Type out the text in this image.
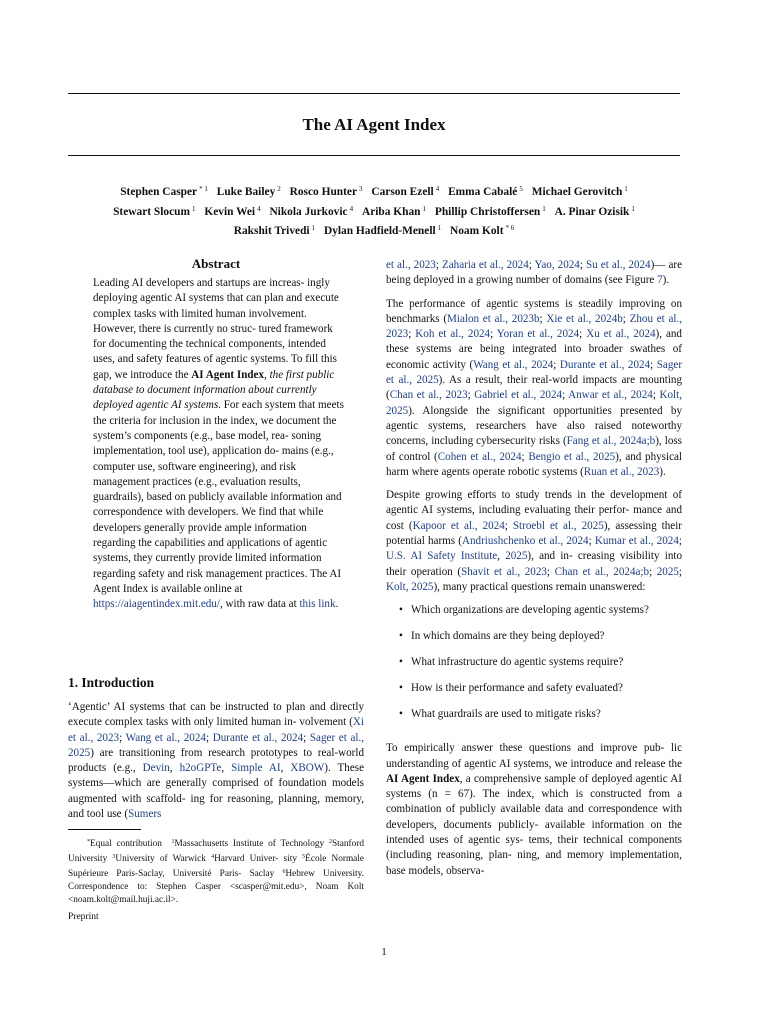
The AI Agent Index
Stephen Casper $^{* 1}$ Luke Bailey $^2$ Rosco Hunter $^3$ Carson Ezell $^4$ Emma Cabalé $^5$ Michael Gerovitch $^1$
Stewart Slocum $^1$ Kevin Wei $^4$ Nikola Jurkovic $^4$ Ariba Khan $^1$ Phillip Christoffersen $^1$ A. Pinar Ozisik $^1$
Rakshit Trivedi $^1$ Dylan Hadfield-Menell $^1$ Noam Kolt $^{* 6}$
Abstract

Leading AI developers and startups are increas- ingly deploying agentic AI systems that can plan and execute complex tasks with limited human involvement. However, there is currently no struc- tured framework for documenting the technical components, intended uses, and safety features of agentic systems. To fill this gap, we introduce the AI Agent Index, the first public database to document information about currently deployed agentic AI systems. For each system that meets the criteria for inclusion in the index, we document the system’s components (e.g., base model, rea- soning implementation, tool use), application do- mains (e.g., computer use, software engineering), and risk management practices (e.g., evaluation results, guardrails), based on publicly available information and correspondence with developers. We find that while developers generally provide ample information regarding the capabilities and applications of agentic systems, they currently provide limited information regarding safety and risk management practices. The AI Agent Index is available online at https://aiagentindex.mit.edu/, with raw data at this link.

1. Introduction

‘Agentic’ AI systems that can be instructed to plan and directly execute complex tasks with only limited human in- volvement (Xi et al., 2023; Wang et al., 2024; Durante et al., 2024; Sager et al., 2025) are transitioning from research prototypes to real-world products (e.g., Devin, h2oGPTe, Simple AI, XBOW). These systems—which are generally comprised of foundation models augmented with scaffold- ing for reasoning, planning, memory, and tool use (Sumers

*Equal contribution $^1$Massachusetts Institute of Technology $^2$Stanford University $^3$University of Warwick $^4$Harvard Univer- sity $^5$École Normale Supérieure Paris-Saclay, Université Paris- Saclay $^6$Hebrew University. Correspondence to: Stephen Casper <scasper@mit.edu>, Noam Kolt <noam.kolt@mail.huji.ac.il>.

Preprint

et al., 2023; Zaharia et al., 2024; Yao, 2024; Su et al., 2024)— are being deployed in a growing number of domains (see Figure 7).

The performance of agentic systems is steadily improving on benchmarks (Mialon et al., 2023b; Xie et al., 2024b; Zhou et al., 2023; Koh et al., 2024; Yoran et al., 2024; Xu et al., 2024), and these systems are being integrated into broader swathes of economic activity (Wang et al., 2024; Durante et al., 2024; Sager et al., 2025). As a result, their real-world impacts are mounting (Chan et al., 2023; Gabriel et al., 2024; Anwar et al., 2024; Kolt, 2025). Alongside the significant opportunities presented by agentic systems, researchers have also raised noteworthy concerns, including cybersecurity risks (Fang et al., 2024a;b), loss of control (Cohen et al., 2024; Bengio et al., 2025), and physical harm where agents operate robotic systems (Ruan et al., 2023).

Despite growing efforts to study trends in the development of agentic AI systems, including evaluating their perfor- mance and cost (Kapoor et al., 2024; Stroebl et al., 2025), assessing their potential harms (Andriushchenko et al., 2024; Kumar et al., 2024; U.S. AI Safety Institute, 2025), and in- creasing visibility into their operation (Shavit et al., 2023; Chan et al., 2024a;b; 2025; Kolt, 2025), many practical questions remain unanswered:

• Which organizations are developing agentic systems?
• In which domains are they being deployed?
• What infrastructure do agentic systems require?
• How is their performance and safety evaluated?
• What guardrails are used to mitigate risks?

To empirically answer these questions and improve pub- lic understanding of agentic AI systems, we introduce and release the AI Agent Index, a comprehensive sample of deployed agentic AI systems (n = 67). The index, which is constructed from a combination of publicly available data and correspondence with developers, documents publicly- available information on the intended uses of agentic sys- tems, their technical components (including reasoning, plan- ning, and memory implementation, base models, observa-

1
